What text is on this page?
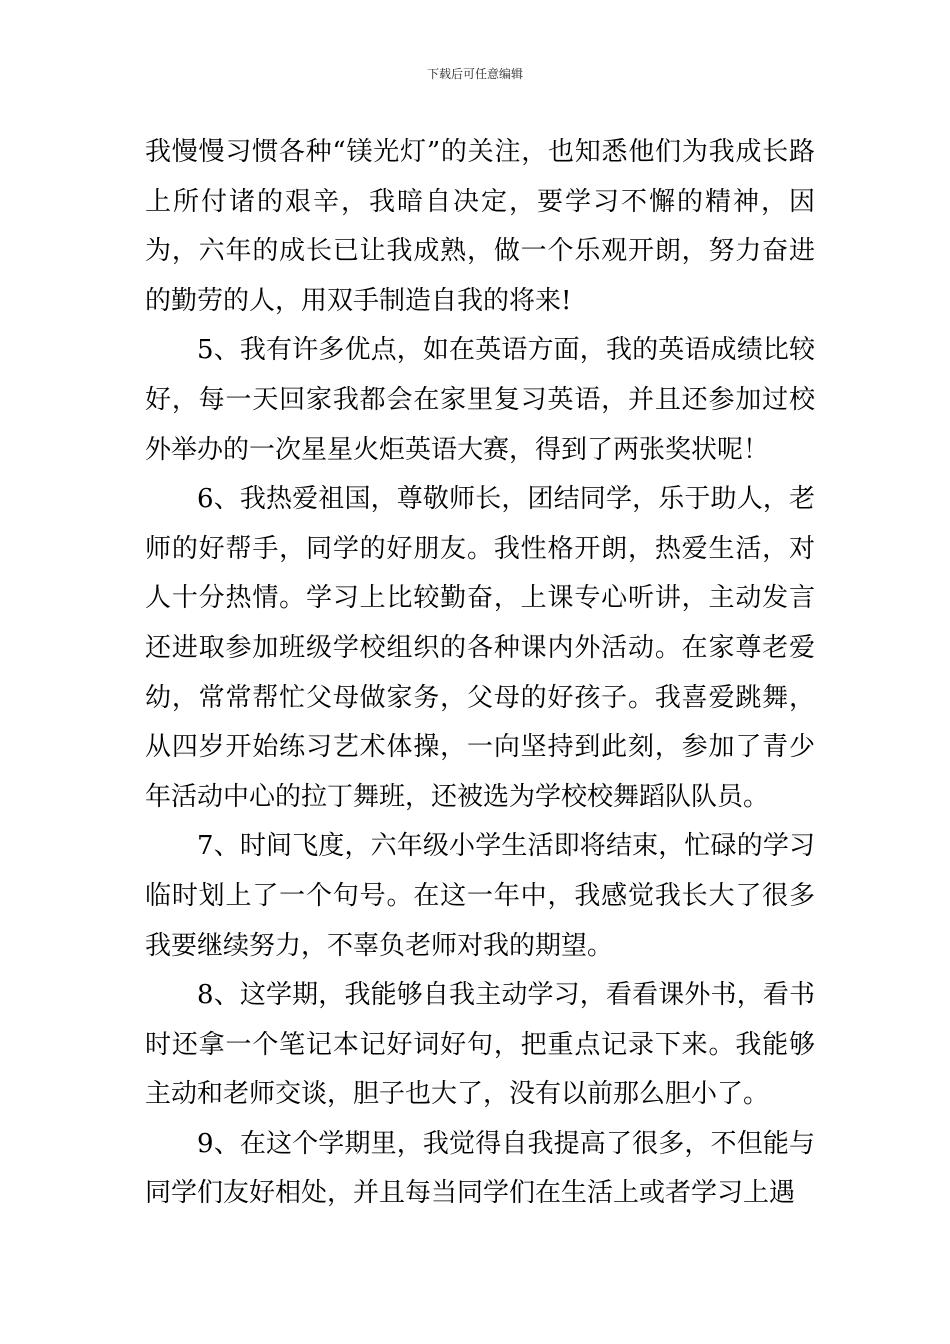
下载后可任意编辑

我慢慢习惯各种“镁光灯”的关注，也知悉他们为我成长路上所付诸的艰辛，我暗自决定，要学习不懈的精神，因为，六年的成长已让我成熟，做一个乐观开朗，努力奋进的勤劳的人，用双手制造自我的将来!

5、我有许多优点，如在英语方面，我的英语成绩比较好，每一天回家我都会在家里复习英语，并且还参加过校外举办的一次星星火炬英语大赛，得到了两张奖状呢！

6、我热爱祖国，尊敬师长，团结同学，乐于助人，老师的好帮手，同学的好朋友。我性格开朗，热爱生活，对人十分热情。学习上比较勤奋，上课专心听讲，主动发言还进取参加班级学校组织的各种课内外活动。在家尊老爱幼，常常帮忙父母做家务，父母的好孩子。我喜爱跳舞，从四岁开始练习艺术体操，一向坚持到此刻，参加了青少年活动中心的拉丁舞班，还被选为学校校舞蹈队队员。

7、时间飞度，六年级小学生活即将结束，忙碌的学习临时划上了一个句号。在这一年中，我感觉我长大了很多我要继续努力，不辜负老师对我的期望。

8、这学期，我能够自我主动学习，看看课外书，看书时还拿一个笔记本记好词好句，把重点记录下来。我能够主动和老师交谈，胆子也大了，没有以前那么胆小了。

9、在这个学期里，我觉得自我提高了很多，不但能与同学们友好相处，并且每当同学们在生活上或者学习上遇
